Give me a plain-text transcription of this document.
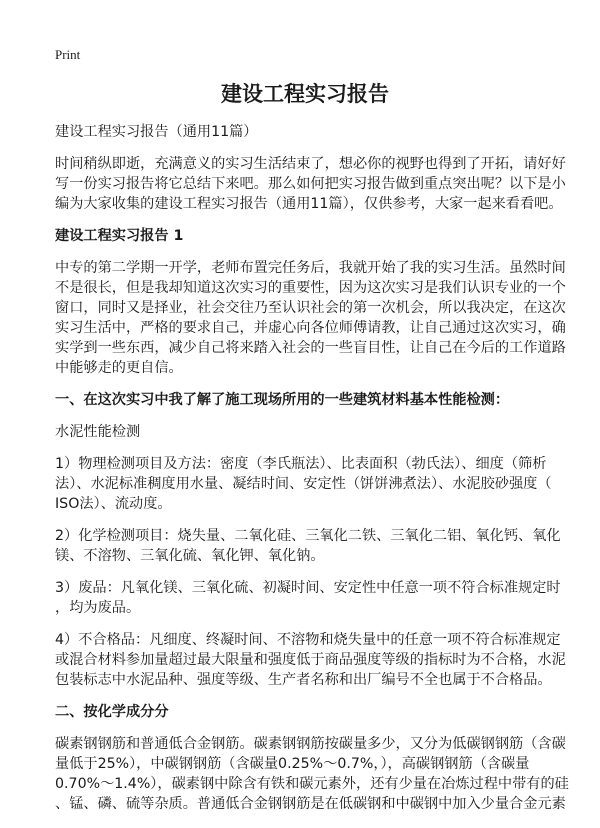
Print
建设工程实习报告
建设工程实习报告（通用11篇）
时间稍纵即逝，充满意义的实习生活结束了，想必你的视野也得到了开拓，请好好
写一份实习报告将它总结下来吧。那么如何把实习报告做到重点突出呢？以下是小
编为大家收集的建设工程实习报告（通用11篇），仅供参考，大家一起来看看吧。
建设工程实习报告 1
中专的第二学期一开学，老师布置完任务后，我就开始了我的实习生活。虽然时间
不是很长，但是我却知道这次实习的重要性，因为这次实习是我们认识专业的一个
窗口，同时又是择业，社会交往乃至认识社会的第一次机会，所以我决定，在这次
实习生活中，严格的要求自己，并虚心向各位师傅请教，让自己通过这次实习，确
实学到一些东西，减少自己将来踏入社会的一些盲目性，让自己在今后的工作道路
中能够走的更自信。
一、在这次实习中我了解了施工现场所用的一些建筑材料基本性能检测：
水泥性能检测
1）物理检测项目及方法：密度（李氏瓶法）、比表面积（勃氏法）、细度（筛析
法）、水泥标准稠度用水量、凝结时间、安定性（饼饼沸煮法）、水泥胶砂强度（
ISO法）、流动度。
2）化学检测项目：烧失量、二氧化硅、三氧化二铁、三氧化二铝、氧化钙、氧化
镁、不溶物、三氧化硫、氧化钾、氧化钠。
3）废品：凡氧化镁、三氧化硫、初凝时间、安定性中任意一项不符合标准规定时
，均为废品。
4）不合格品：凡细度、终凝时间、不溶物和烧失量中的任意一项不符合标准规定
或混合材料参加量超过最大限量和强度低于商品强度等级的指标时为不合格，水泥
包装标志中水泥品种、强度等级、生产者名称和出厂编号不全也属于不合格品。
二、按化学成分分
碳素钢钢筋和普通低合金钢筋。碳素钢钢筋按碳量多少，又分为低碳钢钢筋（含碳
量低于25%），中碳钢钢筋（含碳量0.25%～0.7%，），高碳钢钢筋（含碳量
0.70%～1.4%），碳素钢中除含有铁和碳元素外，还有少量在冶炼过程中带有的硅
、锰、磷、硫等杂质。普通低合金钢钢筋是在低碳钢和中碳钢中加入少量合金元素
